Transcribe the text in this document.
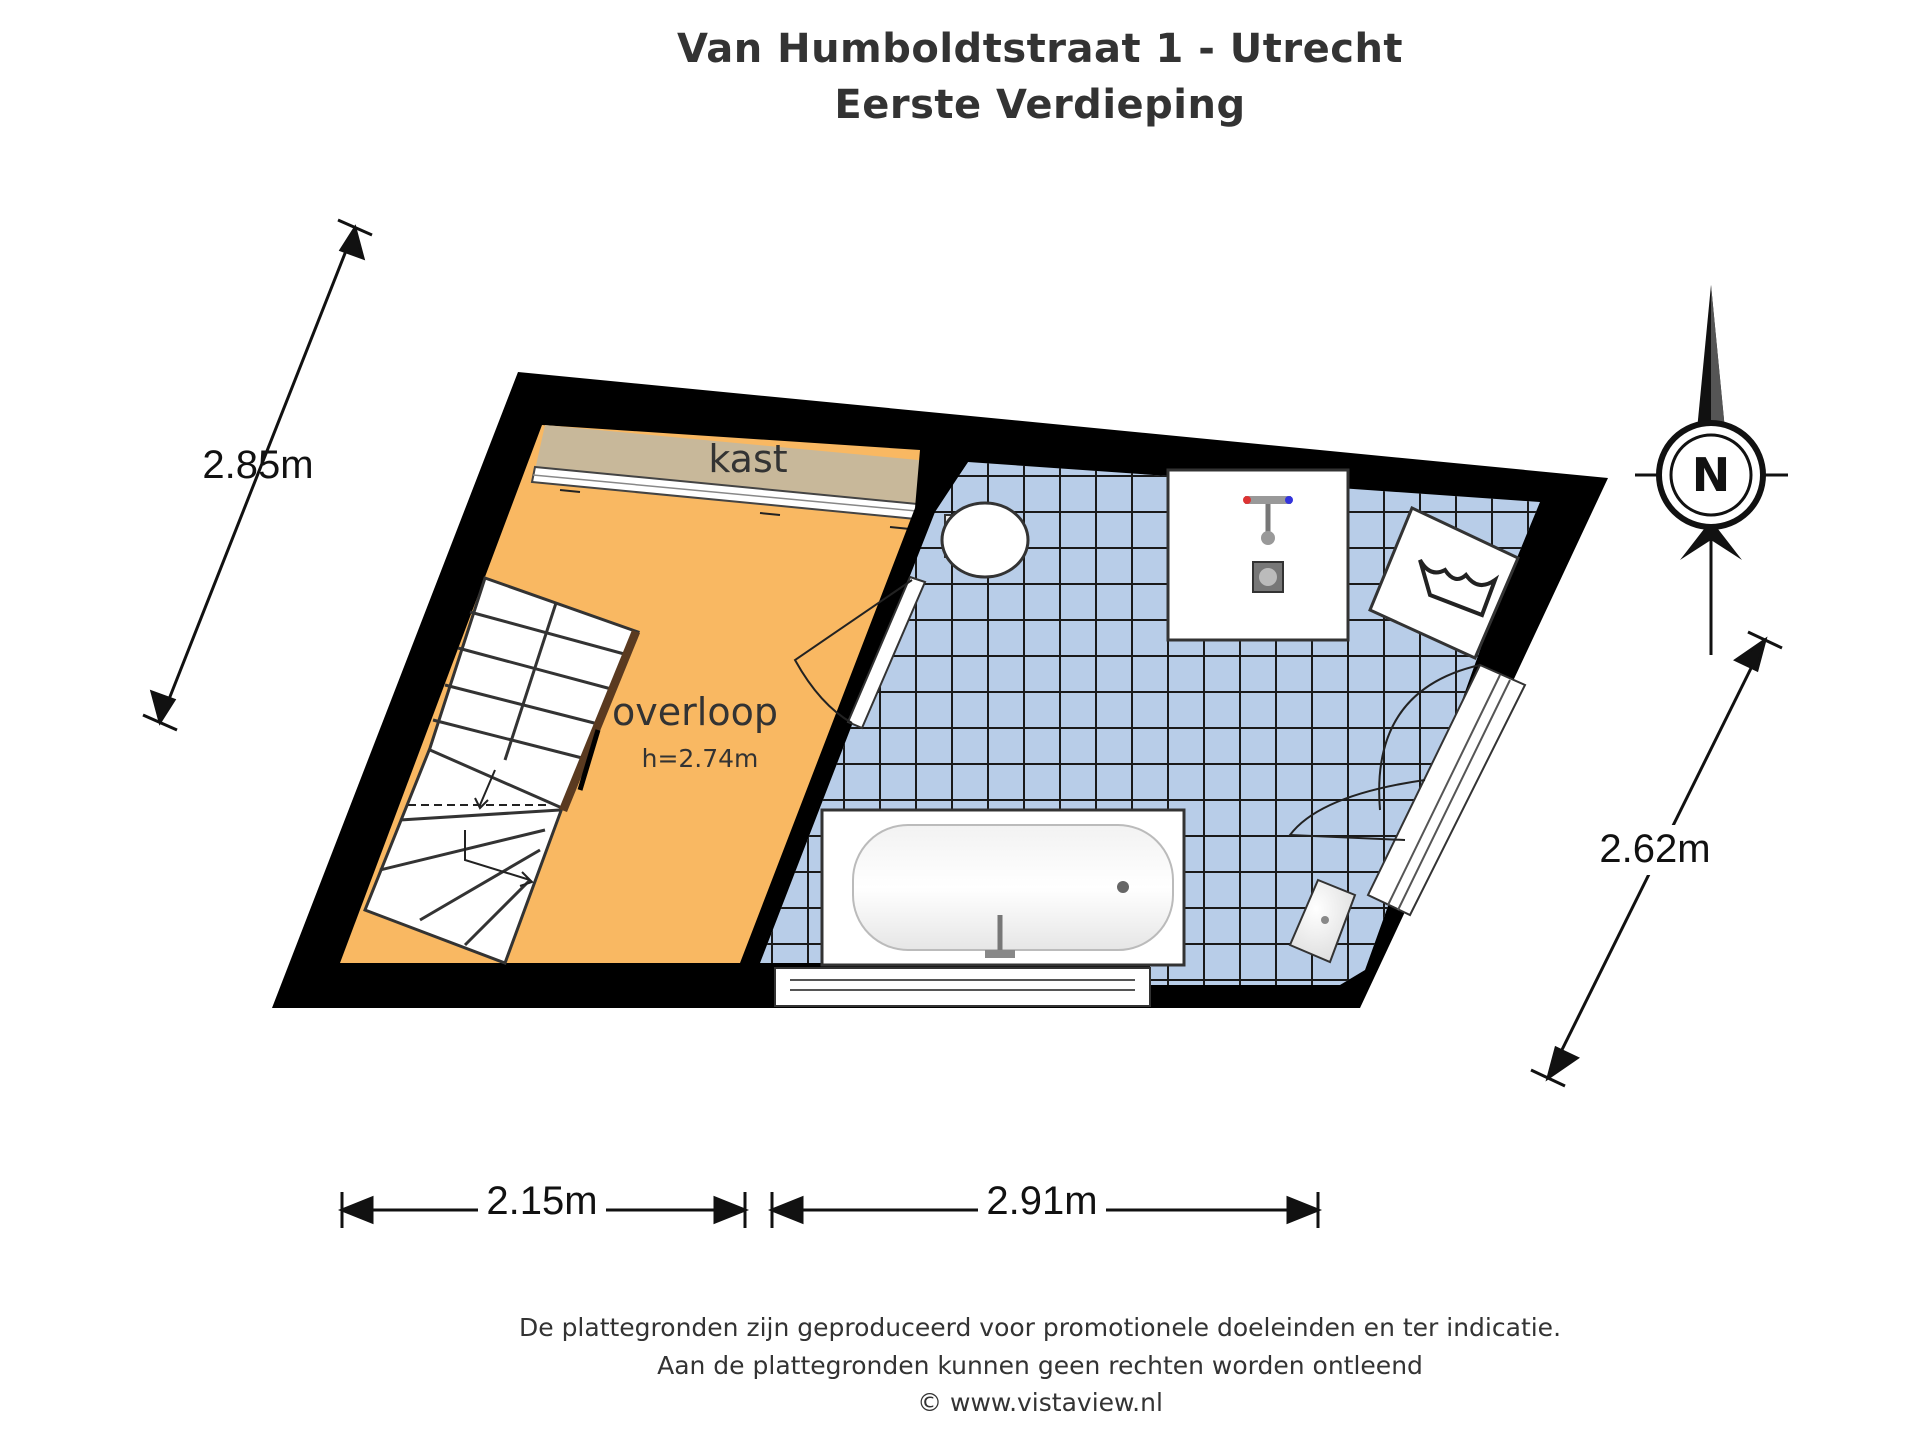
Van Humboldtstraat 1 - Utrecht
Eerste Verdieping
kast
overloop
h=2.74m
2.85m
2.62m
2.15m	2.91m
N
De plattegronden zijn geproduceerd voor promotionele doeleinden en ter indicatie.
Aan de plattegronden kunnen geen rechten worden ontleend
© www.vistaview.nl
